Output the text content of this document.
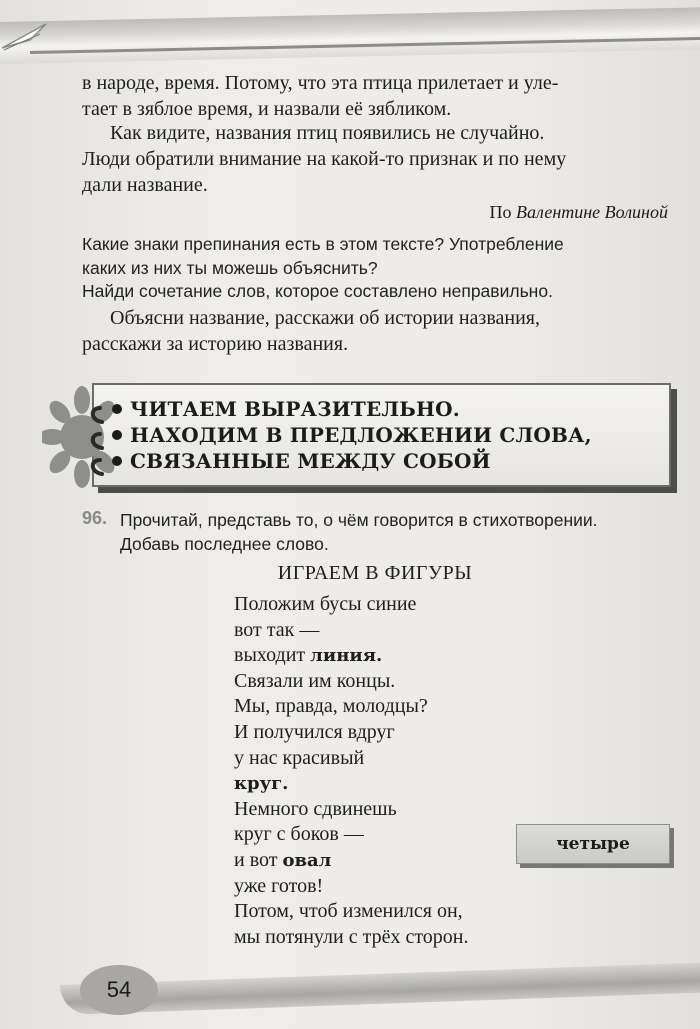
в народе, время. Потому, что эта птица прилетает и уле-
тает в зяблое время, и назвали её зябликом.
Как видите, названия птиц появились не случайно.
Люди обратили внимание на какой-то признак и по нему
дали название.
По Валентине Волиной
Какие знаки препинания есть в этом тексте? Употребление
каких из них ты можешь объяснить?
Найди сочетание слов, которое составлено неправильно.
Объясни название, расскажи об истории названия,
расскажи за историю названия.
ЧИТАЕМ ВЫРАЗИТЕЛЬНО.
НАХОДИМ В ПРЕДЛОЖЕНИИ СЛОВА,
СВЯЗАННЫЕ МЕЖДУ СОБОЙ
96. Прочитай, представь то, о чём говорится в стихотворении.
Добавь последнее слово.
ИГРАЕМ В ФИГУРЫ
Положим бусы синие
вот так —
выходит линия.
Связали им концы.
Мы, правда, молодцы?
И получился вдруг
у нас красивый
круг.
Немного сдвинешь
круг с боков —
и вот овал
уже готов!
Потом, чтоб изменился он,
мы потянули с трёх сторон.
четыре
54
